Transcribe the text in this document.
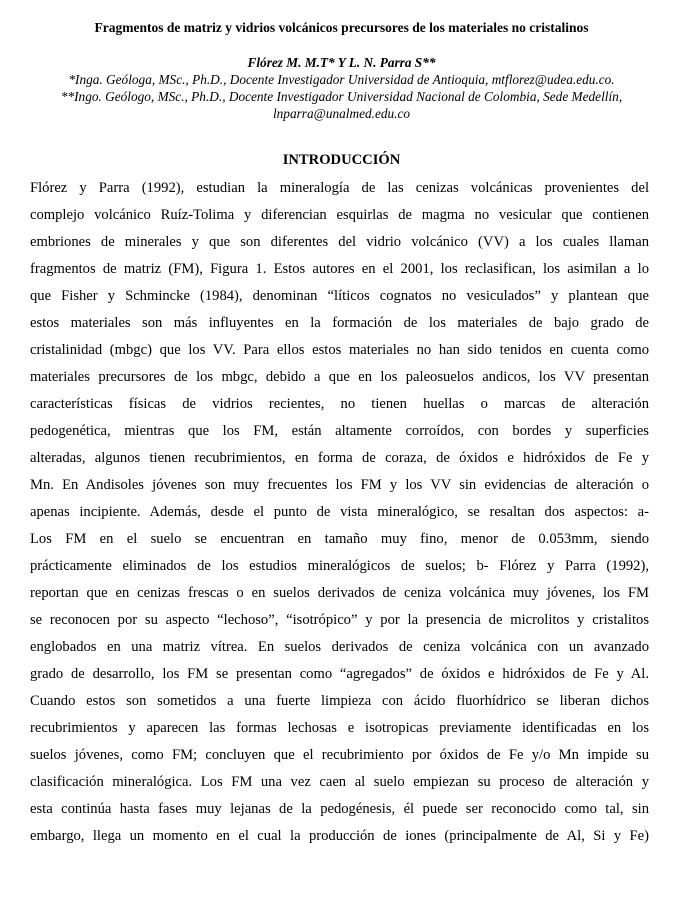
Fragmentos de matriz y vidrios volcánicos precursores de los materiales no cristalinos
Flórez M. M.T* Y L. N. Parra S**
*Inga. Geóloga, MSc., Ph.D., Docente Investigador Universidad de Antioquia, mtflorez@udea.edu.co.
**Ingo. Geólogo, MSc., Ph.D., Docente Investigador Universidad Nacional de Colombia, Sede Medellín,
lnparra@unalmed.edu.co
INTRODUCCIÓN
Flórez y Parra (1992), estudian la mineralogía de las cenizas volcánicas provenientes del
complejo volcánico Ruíz-Tolima y diferencian esquirlas de magma no vesicular que contienen
embriones de minerales y que son diferentes del vidrio volcánico (VV) a los cuales llaman
fragmentos de matriz (FM), Figura 1. Estos autores en el 2001, los reclasifican, los asimilan a lo
que Fisher y Schmincke (1984), denominan “líticos cognatos no vesiculados” y plantean que
estos materiales son más influyentes en la formación de los materiales de bajo grado de
cristalinidad (mbgc) que los VV. Para ellos estos materiales no han sido tenidos en cuenta como
materiales precursores de los mbgc, debido a que en los paleosuelos andicos, los VV presentan
características físicas de vidrios recientes, no tienen huellas o marcas de alteración
pedogenética, mientras que los FM, están altamente corroídos, con bordes y superficies
alteradas, algunos tienen recubrimientos, en forma de coraza, de óxidos e hidróxidos de Fe y
Mn. En Andisoles jóvenes son muy frecuentes los FM y los VV sin evidencias de alteración o
apenas incipiente. Además, desde el punto de vista mineralógico, se resaltan dos aspectos: a-
Los FM en el suelo se encuentran en tamaño muy fino, menor de 0.053mm, siendo
prácticamente eliminados de los estudios mineralógicos de suelos; b- Flórez y Parra (1992),
reportan que en cenizas frescas o en suelos derivados de ceniza volcánica muy jóvenes, los FM
se reconocen por su aspecto “lechoso”, “isotrópico” y por la presencia de microlitos y cristalitos
englobados en una matriz vítrea. En suelos derivados de ceniza volcánica con un avanzado
grado de desarrollo, los FM se presentan como “agregados” de óxidos e hidróxidos de Fe y Al.
Cuando estos son sometidos a una fuerte limpieza con ácido fluorhídrico se liberan dichos
recubrimientos y aparecen las formas lechosas e isotropicas previamente identificadas en los
suelos jóvenes, como FM; concluyen que el recubrimiento por óxidos de Fe y/o Mn impide su
clasificación mineralógica. Los FM una vez caen al suelo empiezan su proceso de alteración y
esta continúa hasta fases muy lejanas de la pedogénesis, él puede ser reconocido como tal, sin
embargo, llega un momento en el cual la producción de iones (principalmente de Al, Si y Fe)
